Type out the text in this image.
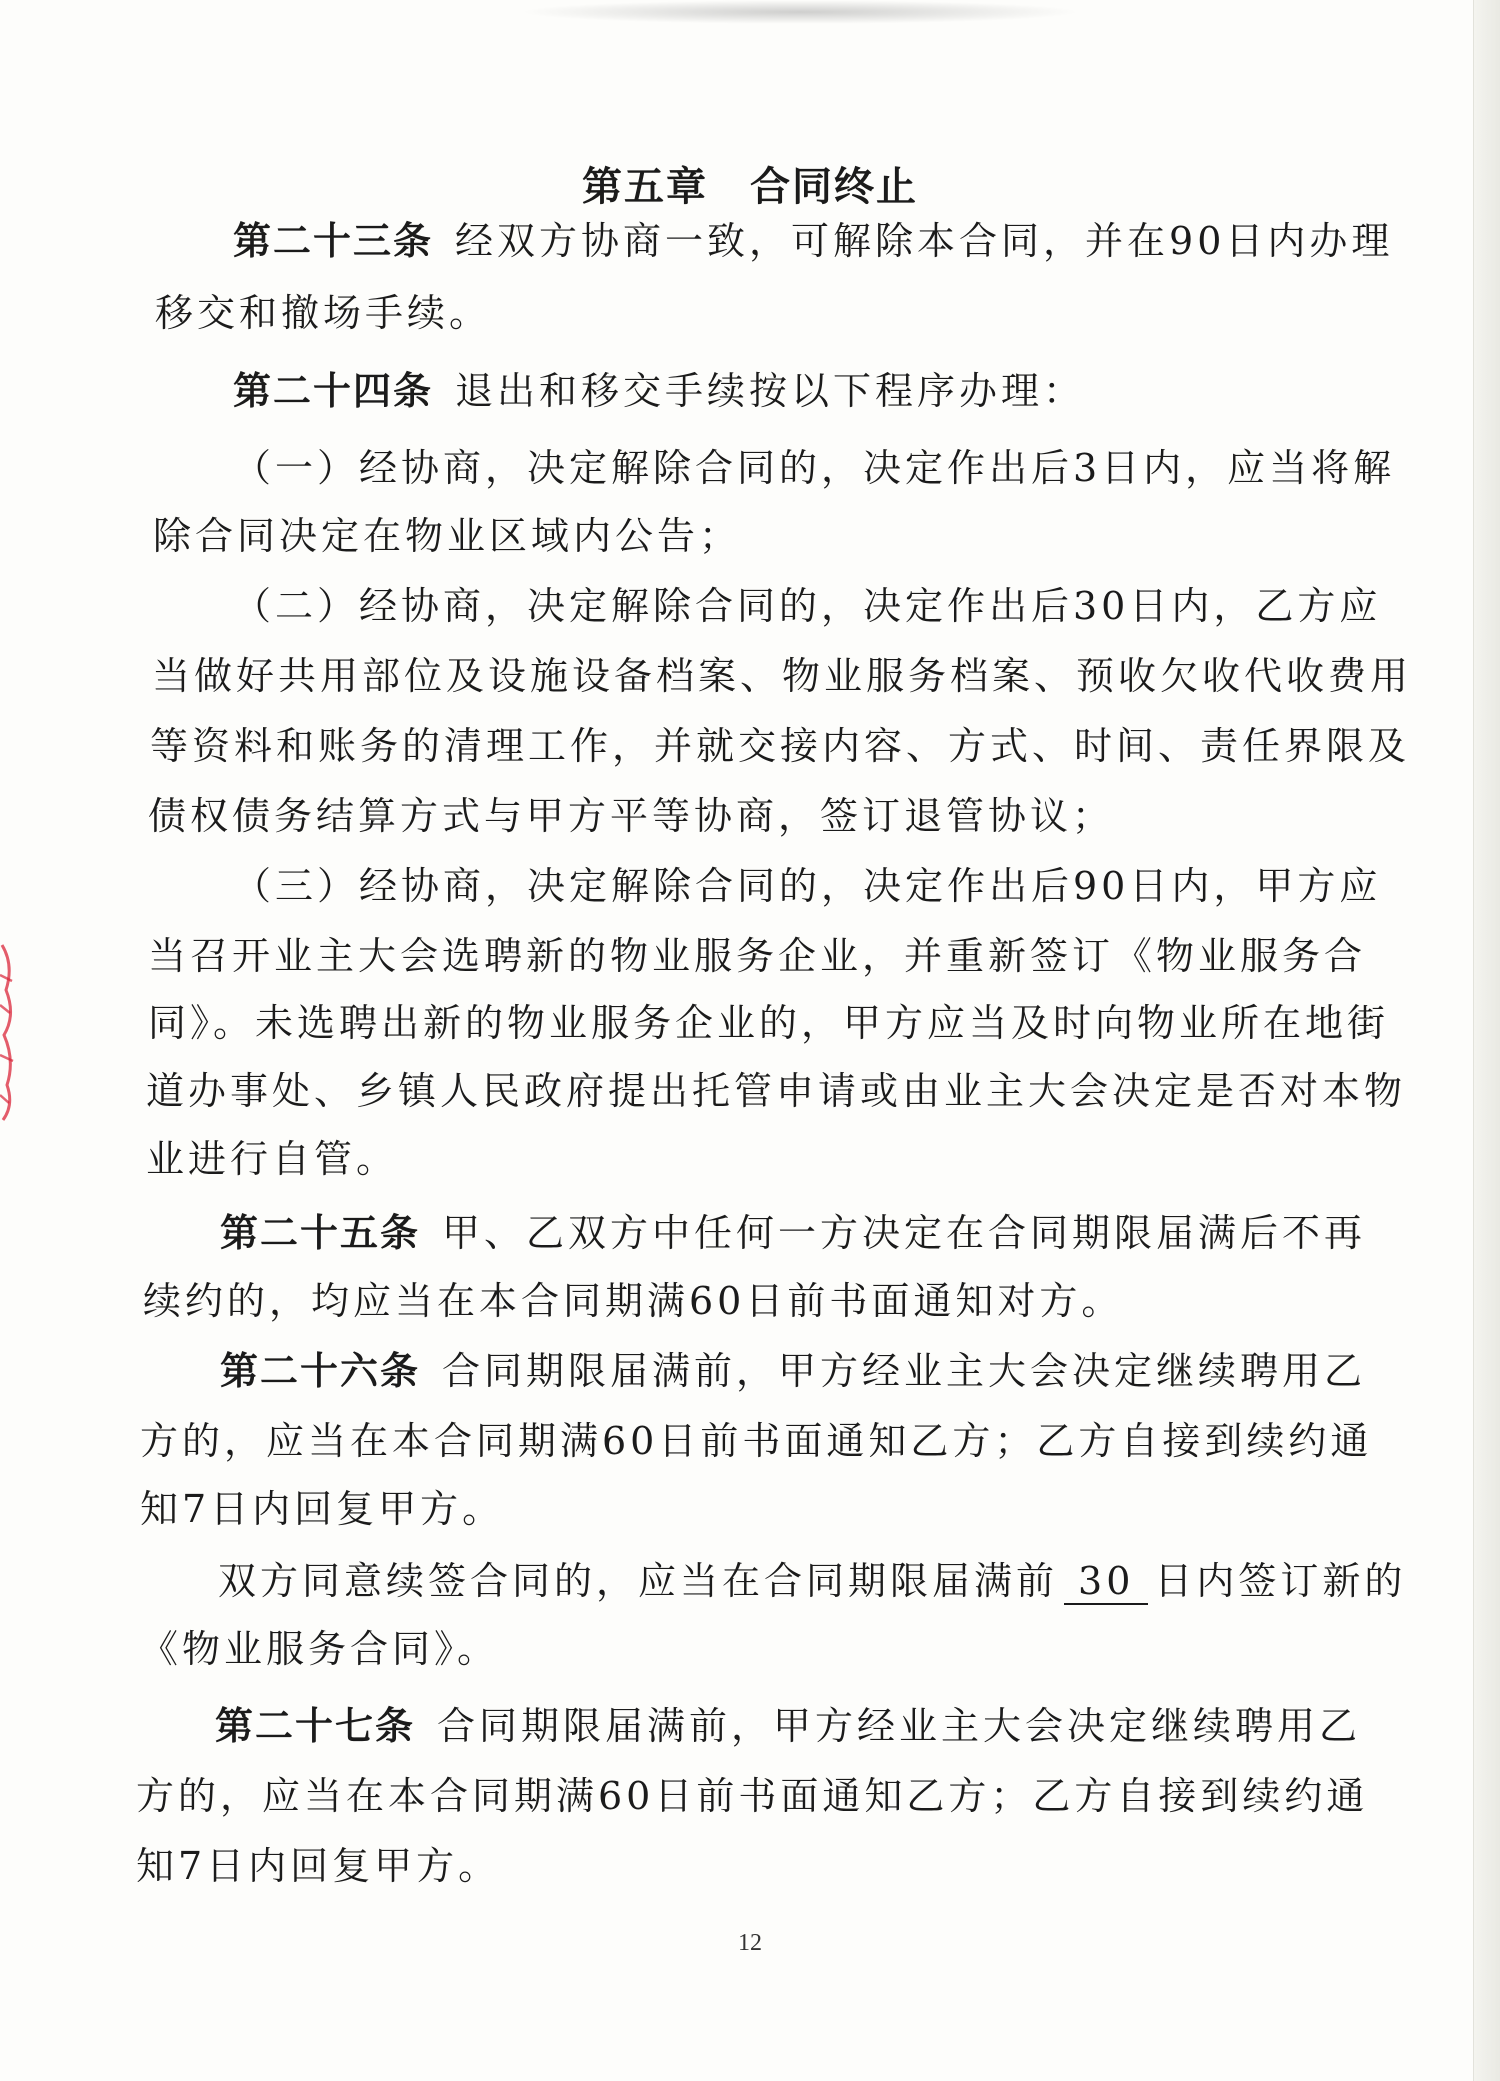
第五章　合同终止
第二十三条 经双方协商一致，可解除本合同，并在90日内办理
移交和撤场手续。
第二十四条 退出和移交手续按以下程序办理：
（一）经协商，决定解除合同的，决定作出后3日内，应当将解
除合同决定在物业区域内公告；
（二）经协商，决定解除合同的，决定作出后30日内，乙方应
当做好共用部位及设施设备档案、物业服务档案、预收欠收代收费用
等资料和账务的清理工作，并就交接内容、方式、时间、责任界限及
债权债务结算方式与甲方平等协商，签订退管协议；
（三）经协商，决定解除合同的，决定作出后90日内，甲方应
当召开业主大会选聘新的物业服务企业，并重新签订《物业服务合
同》。未选聘出新的物业服务企业的，甲方应当及时向物业所在地街
道办事处、乡镇人民政府提出托管申请或由业主大会决定是否对本物
业进行自管。
第二十五条 甲、乙双方中任何一方决定在合同期限届满后不再
续约的，均应当在本合同期满60日前书面通知对方。
第二十六条 合同期限届满前，甲方经业主大会决定继续聘用乙
方的，应当在本合同期满60日前书面通知乙方；乙方自接到续约通
知7日内回复甲方。
双方同意续签合同的，应当在合同期限届满前 30 日内签订新的
《物业服务合同》。
第二十七条 合同期限届满前，甲方经业主大会决定继续聘用乙
方的，应当在本合同期满60日前书面通知乙方；乙方自接到续约通
知7日内回复甲方。
12
